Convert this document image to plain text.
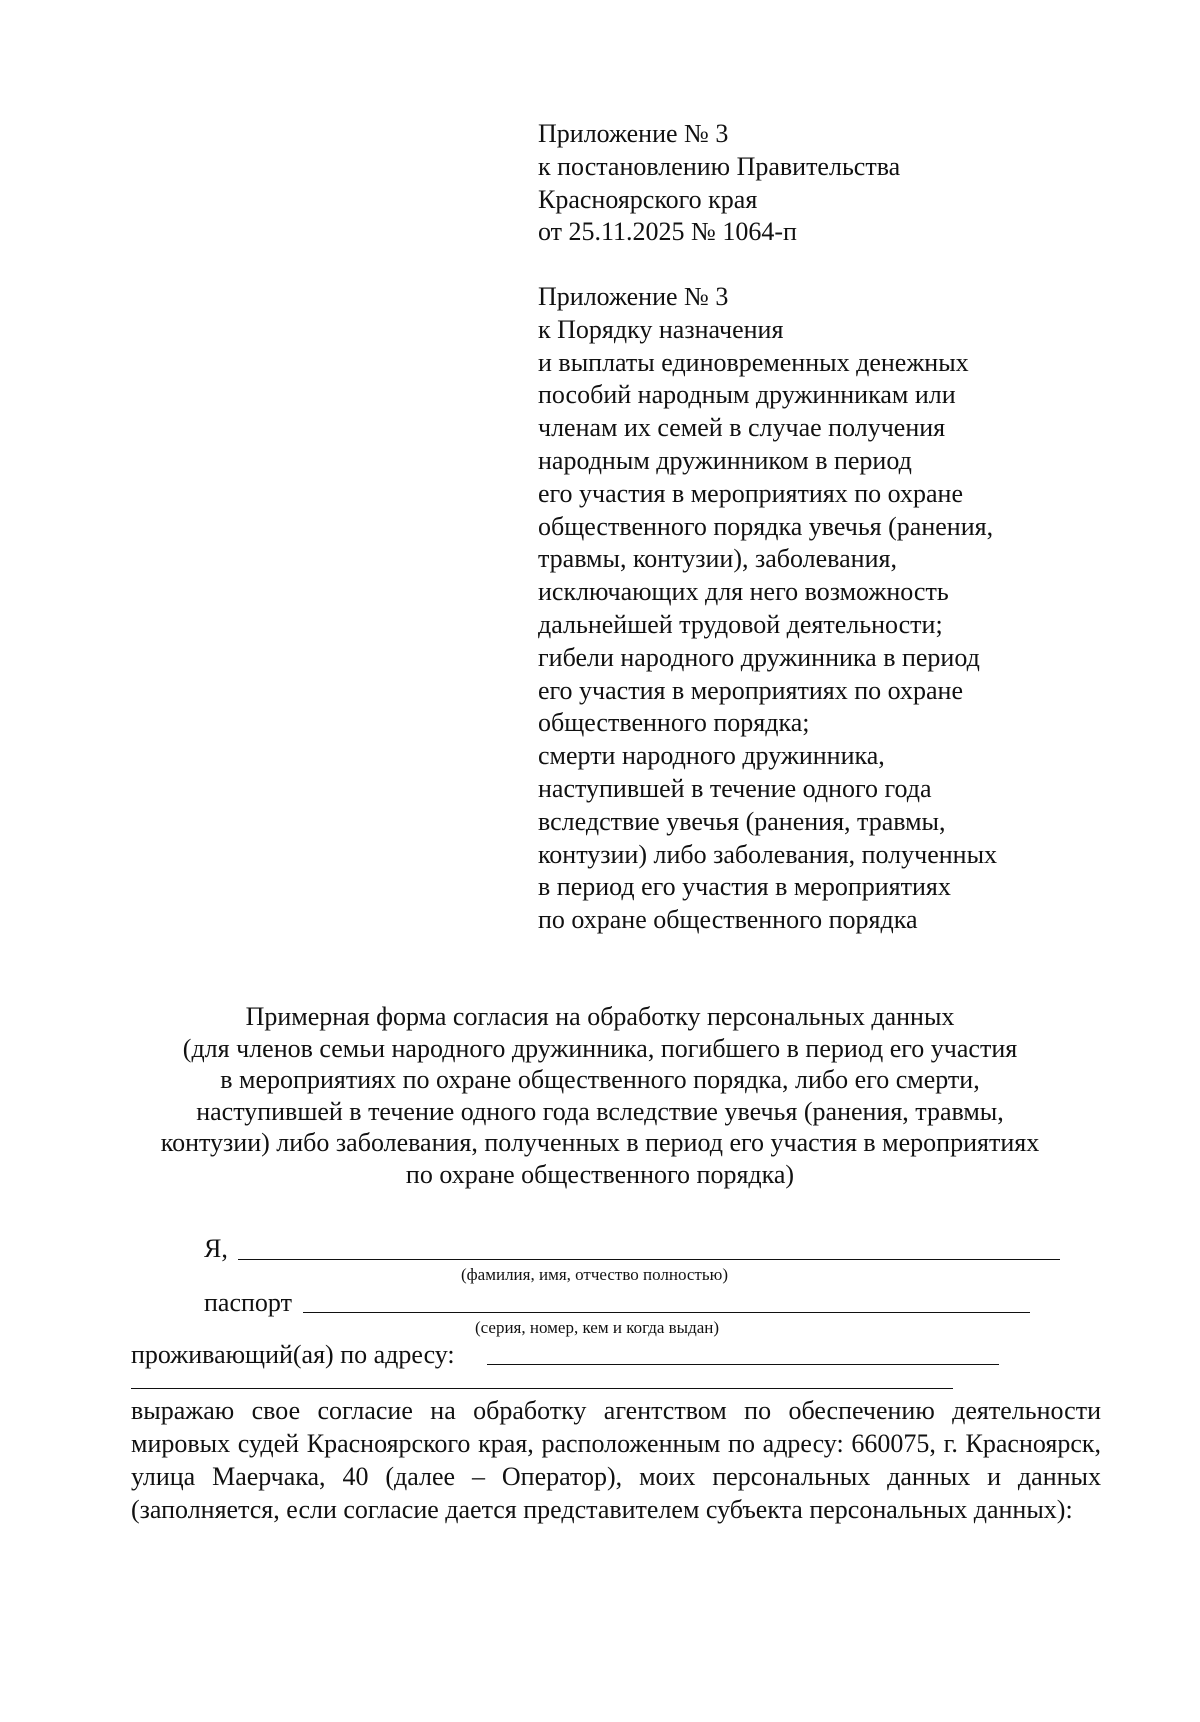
Приложение № 3
к постановлению Правительства
Красноярского края
от 25.11.2025 № 1064-п
Приложение № 3
к Порядку назначения
и выплаты единовременных денежных
пособий народным дружинникам или
членам их семей в случае получения
народным дружинником в период
его участия в мероприятиях по охране
общественного порядка увечья (ранения,
травмы, контузии), заболевания,
исключающих для него возможность
дальнейшей трудовой деятельности;
гибели народного дружинника в период
его участия в мероприятиях по охране
общественного порядка;
смерти народного дружинника,
наступившей в течение одного года
вследствие увечья (ранения, травмы,
контузии) либо заболевания, полученных
в период его участия в мероприятиях
по охране общественного порядка
Примерная форма согласия на обработку персональных данных
(для членов семьи народного дружинника, погибшего в период его участия
в мероприятиях по охране общественного порядка, либо его смерти,
наступившей в течение одного года вследствие увечья (ранения, травмы,
контузии) либо заболевания, полученных в период его участия в мероприятиях
по охране общественного порядка)
Я,
(фамилия, имя, отчество полностью)
паспорт
(серия, номер, кем и когда выдан)
проживающий(ая) по адресу:
выражаю свое согласие на обработку агентством по обеспечению деятельности мировых судей Красноярского края, расположенным по адресу: 660075, г. Красноярск, улица Маерчака, 40 (далее – Оператор), моих персональных данных и данных (заполняется, если согласие дается представителем субъекта персональных данных):
